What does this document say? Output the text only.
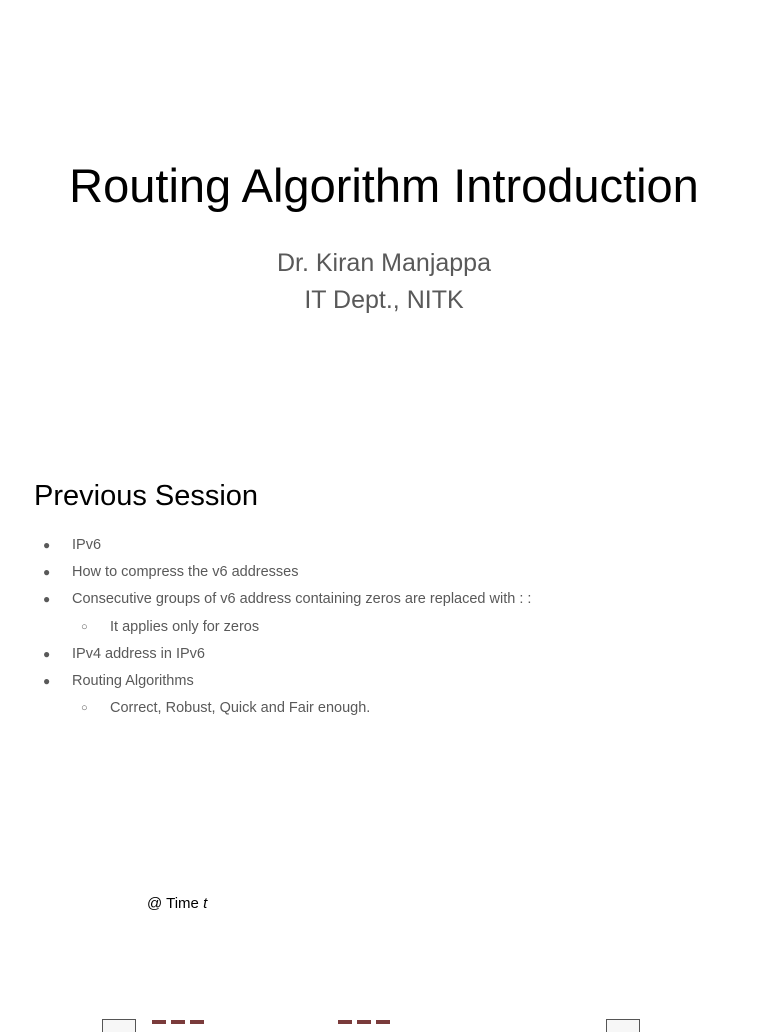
Routing Algorithm Introduction
Dr. Kiran Manjappa
IT Dept., NITK
Previous Session
● IPv6
● How to compress the v6 addresses
● Consecutive groups of v6 address containing zeros are replaced with : :
○ It applies only for zeros
● IPv4 address in IPv6
● Routing Algorithms
○ Correct, Robust, Quick and Fair enough.
@ Time t
